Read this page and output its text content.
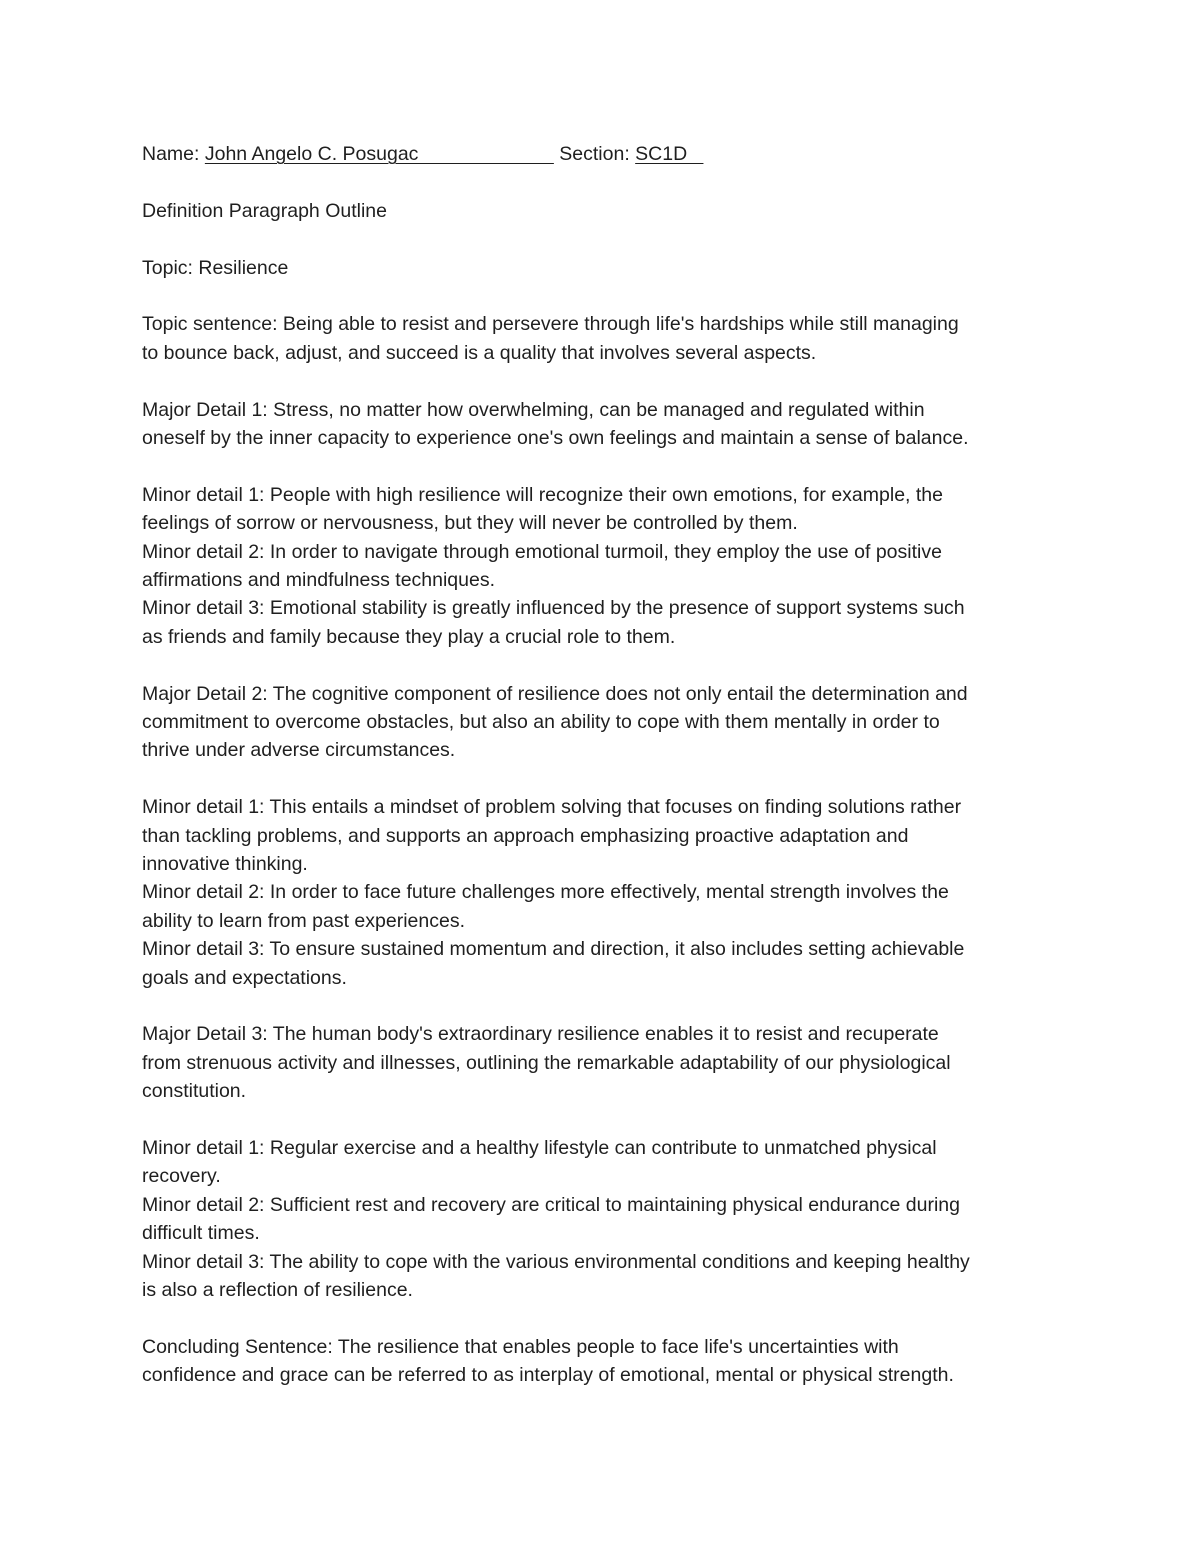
Name: John Angelo C. Posugac                          Section: SC1D

Definition Paragraph Outline

Topic: Resilience

Topic sentence: Being able to resist and persevere through life's hardships while still managing

to bounce back, adjust, and succeed is a quality that involves several aspects.

Major Detail 1: Stress, no matter how overwhelming, can be managed and regulated within

oneself by the inner capacity to experience one's own feelings and maintain a sense of balance.

Minor detail 1: People with high resilience will recognize their own emotions, for example, the

feelings of sorrow or nervousness, but they will never be controlled by them.

Minor detail 2: In order to navigate through emotional turmoil, they employ the use of positive

affirmations and mindfulness techniques.

Minor detail 3: Emotional stability is greatly influenced by the presence of support systems such

as friends and family because they play a crucial role to them.

Major Detail 2: The cognitive component of resilience does not only entail the determination and

commitment to overcome obstacles, but also an ability to cope with them mentally in order to

thrive under adverse circumstances.

Minor detail 1: This entails a mindset of problem solving that focuses on finding solutions rather

than tackling problems, and supports an approach emphasizing proactive adaptation and

innovative thinking.

Minor detail 2: In order to face future challenges more effectively, mental strength involves the

ability to learn from past experiences.

Minor detail 3: To ensure sustained momentum and direction, it also includes setting achievable

goals and expectations.

Major Detail 3: The human body's extraordinary resilience enables it to resist and recuperate

from strenuous activity and illnesses, outlining the remarkable adaptability of our physiological

constitution.

Minor detail 1: Regular exercise and a healthy lifestyle can contribute to unmatched physical

recovery.

Minor detail 2: Sufficient rest and recovery are critical to maintaining physical endurance during

difficult times.

Minor detail 3: The ability to cope with the various environmental conditions and keeping healthy

is also a reflection of resilience.

Concluding Sentence: The resilience that enables people to face life's uncertainties with

confidence and grace can be referred to as interplay of emotional, mental or physical strength.
